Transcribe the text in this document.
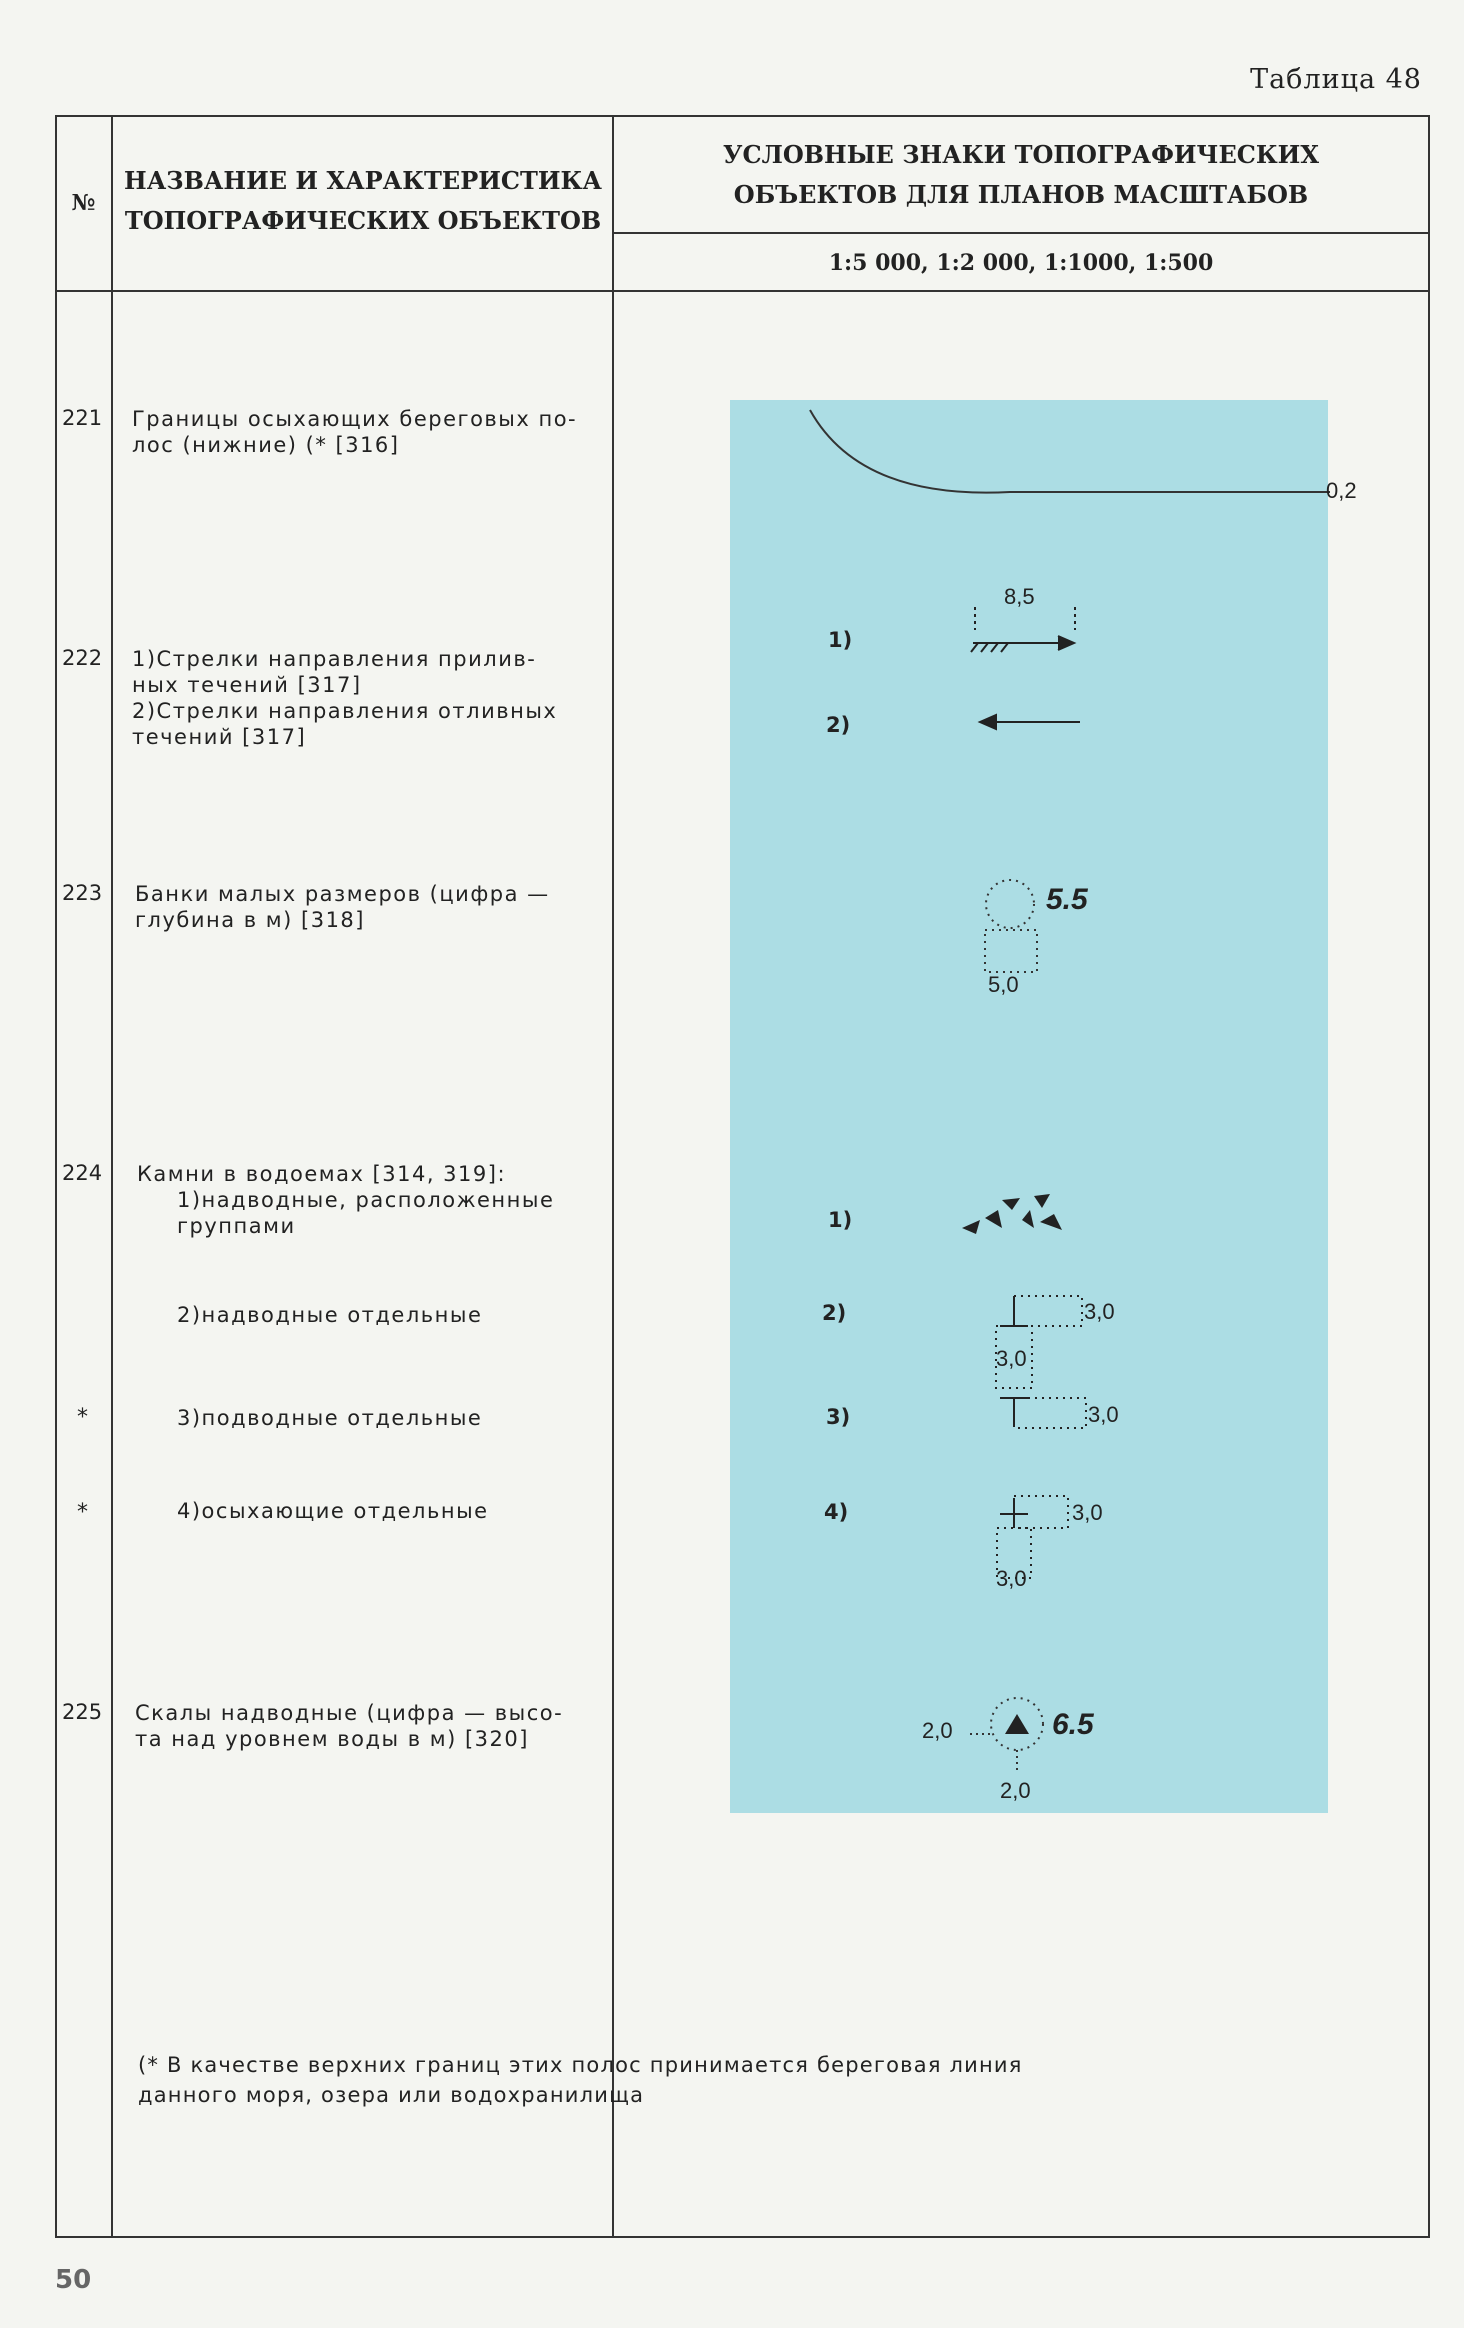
Таблица 48
№
НАЗВАНИЕ И ХАРАКТЕРИСТИКА
ТОПОГРАФИЧЕСКИХ ОБЪЕКТОВ
УСЛОВНЫЕ ЗНАКИ ТОПОГРАФИЧЕСКИХ
ОБЪЕКТОВ ДЛЯ ПЛАНОВ МАСШТАБОВ
1:5 000, 1:2 000, 1:1000, 1:500
221
222
223
224
225
*
*
Границы осыхающих береговых по-
лос (нижние) (* [316]
1)Стрелки направления прилив-
ных течений [317]
2)Стрелки направления отливных
течений [317]
Банки малых размеров (цифра —
глубина в м) [318]
Камни в водоемах [314, 319]:
1)надводные, расположенные
группами
2)надводные отдельные
3)подводные отдельные
4)осыхающие отдельные
Скалы надводные (цифра — высо-
та над уровнем воды в м) [320]
0,2
1)
2)
8,5
5.5
5,0
1)
2)
3)
4)
3,0
3,0
3,0
3,0
3,0
2,0	6.5
2,0
(* В качестве верхних границ этих полос принимается береговая линия
данного моря, озера или водохранилища
50
